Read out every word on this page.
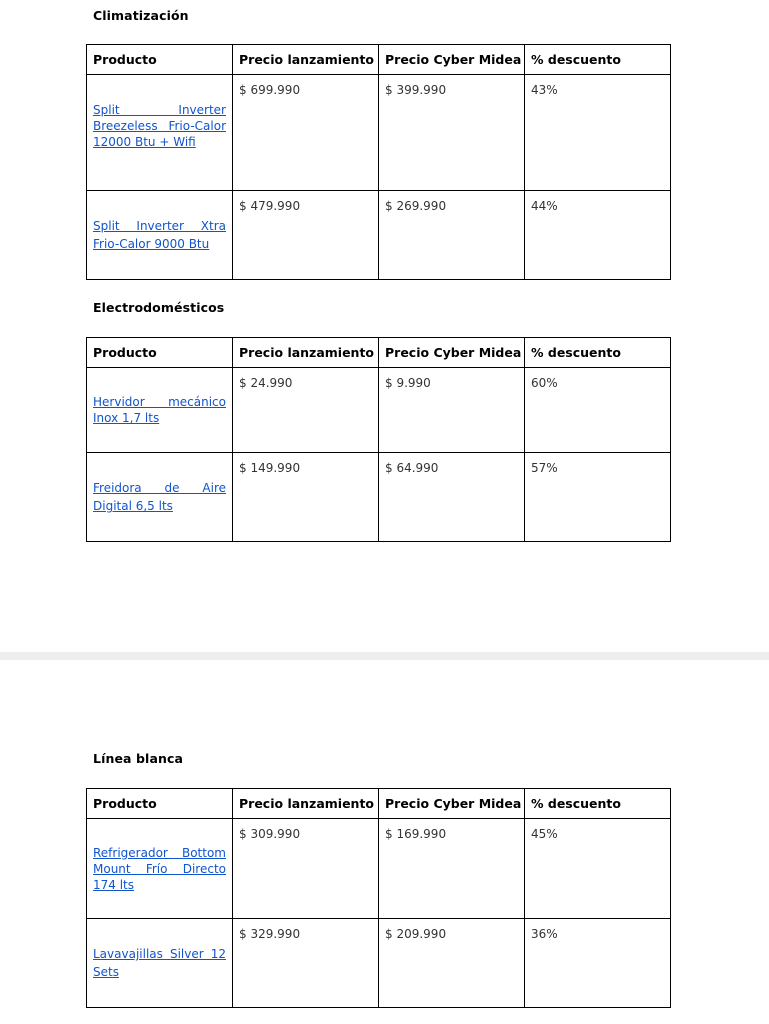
Climatización
Producto	Precio lanzamiento	Precio Cyber Midea	% descuento

Split Inverter Breezeless Frio-Calor 12000 Btu + Wifi	$ 699.990	$ 399.990	43%

Split Inverter Xtra Frio-Calor 9000 Btu	$ 479.990	$ 269.990	44%
Electrodomésticos
Producto	Precio lanzamiento	Precio Cyber Midea	% descuento

Hervidor mecánico Inox 1,7 lts	$ 24.990	$ 9.990	60%

Freidora de Aire Digital 6,5 lts	$ 149.990	$ 64.990	57%
Línea blanca
Producto	Precio lanzamiento	Precio Cyber Midea	% descuento

Refrigerador Bottom Mount Frío Directo 174 lts	$ 309.990	$ 169.990	45%

Lavavajillas Silver 12 Sets	$ 329.990	$ 209.990	36%
